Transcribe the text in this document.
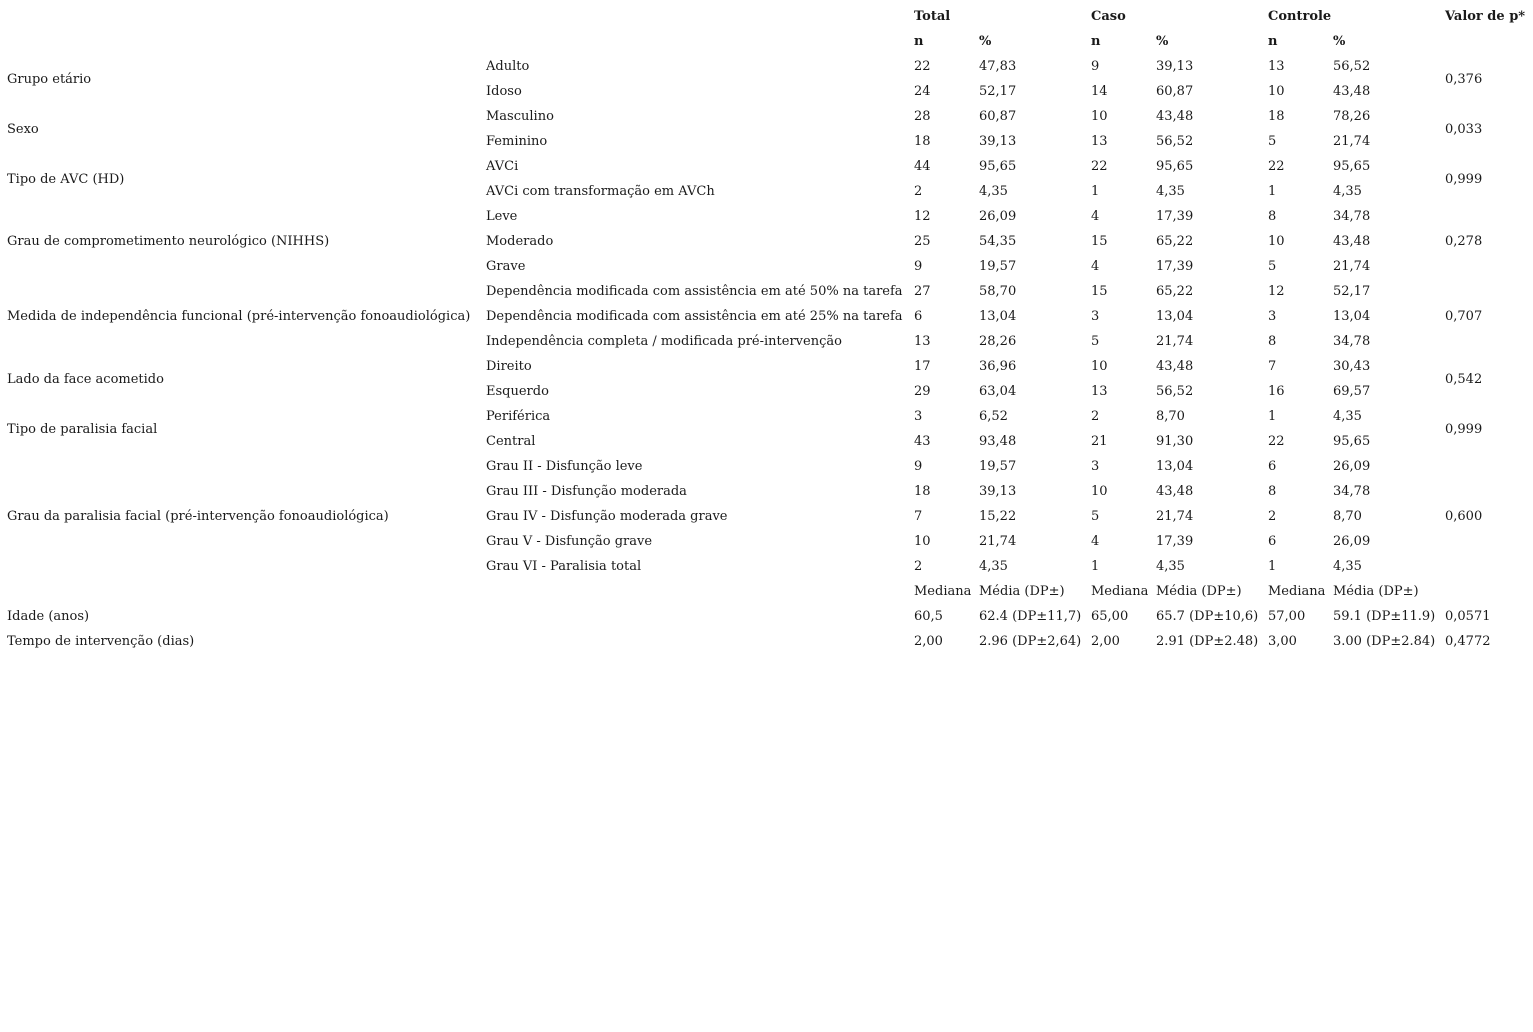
		Total		Caso		Controle		Valor de p*
		n	%	n	%	n	%	
Grupo etário	Adulto	22	47,83	9	39,13	13	56,52	0,376
	Idoso	24	52,17	14	60,87	10	43,48	
Sexo	Masculino	28	60,87	10	43,48	18	78,26	0,033
	Feminino	18	39,13	13	56,52	5	21,74	
Tipo de AVC (HD)	AVCi	44	95,65	22	95,65	22	95,65	0,999
	AVCi com transformação em AVCh	2	4,35	1	4,35	1	4,35	
Grau de comprometimento neurológico (NIHHS)	Leve	12	26,09	4	17,39	8	34,78	0,278
	Moderado	25	54,35	15	65,22	10	43,48	
	Grave	9	19,57	4	17,39	5	21,74	
Medida de independência funcional (pré-intervenção fonoaudiológica)	Dependência modificada com assistência em até 50% na tarefa	27	58,70	15	65,22	12	52,17	0,707
	Dependência modificada com assistência em até 25% na tarefa	6	13,04	3	13,04	3	13,04	
	Independência completa / modificada pré-intervenção	13	28,26	5	21,74	8	34,78	
Lado da face acometido	Direito	17	36,96	10	43,48	7	30,43	0,542
	Esquerdo	29	63,04	13	56,52	16	69,57	
Tipo de paralisia facial	Periférica	3	6,52	2	8,70	1	4,35	0,999
	Central	43	93,48	21	91,30	22	95,65	
Grau da paralisia facial (pré-intervenção fonoaudiológica)	Grau II - Disfunção leve	9	19,57	3	13,04	6	26,09	0,600
	Grau III - Disfunção moderada	18	39,13	10	43,48	8	34,78	
	Grau IV - Disfunção moderada grave	7	15,22	5	21,74	2	8,70	
	Grau V - Disfunção grave	10	21,74	4	17,39	6	26,09	
	Grau VI - Paralisia total	2	4,35	1	4,35	1	4,35	
		Mediana	Média (DP±)	Mediana	Média (DP±)	Mediana	Média (DP±)	
Idade (anos)		60,5	62.4 (DP±11,7)	65,00	65.7 (DP±10,6)	57,00	59.1 (DP±11.9)	0,0571
Tempo de intervenção (dias)		2,00	2.96 (DP±2,64)	2,00	2.91 (DP±2.48)	3,00	3.00 (DP±2.84)	0,4772
